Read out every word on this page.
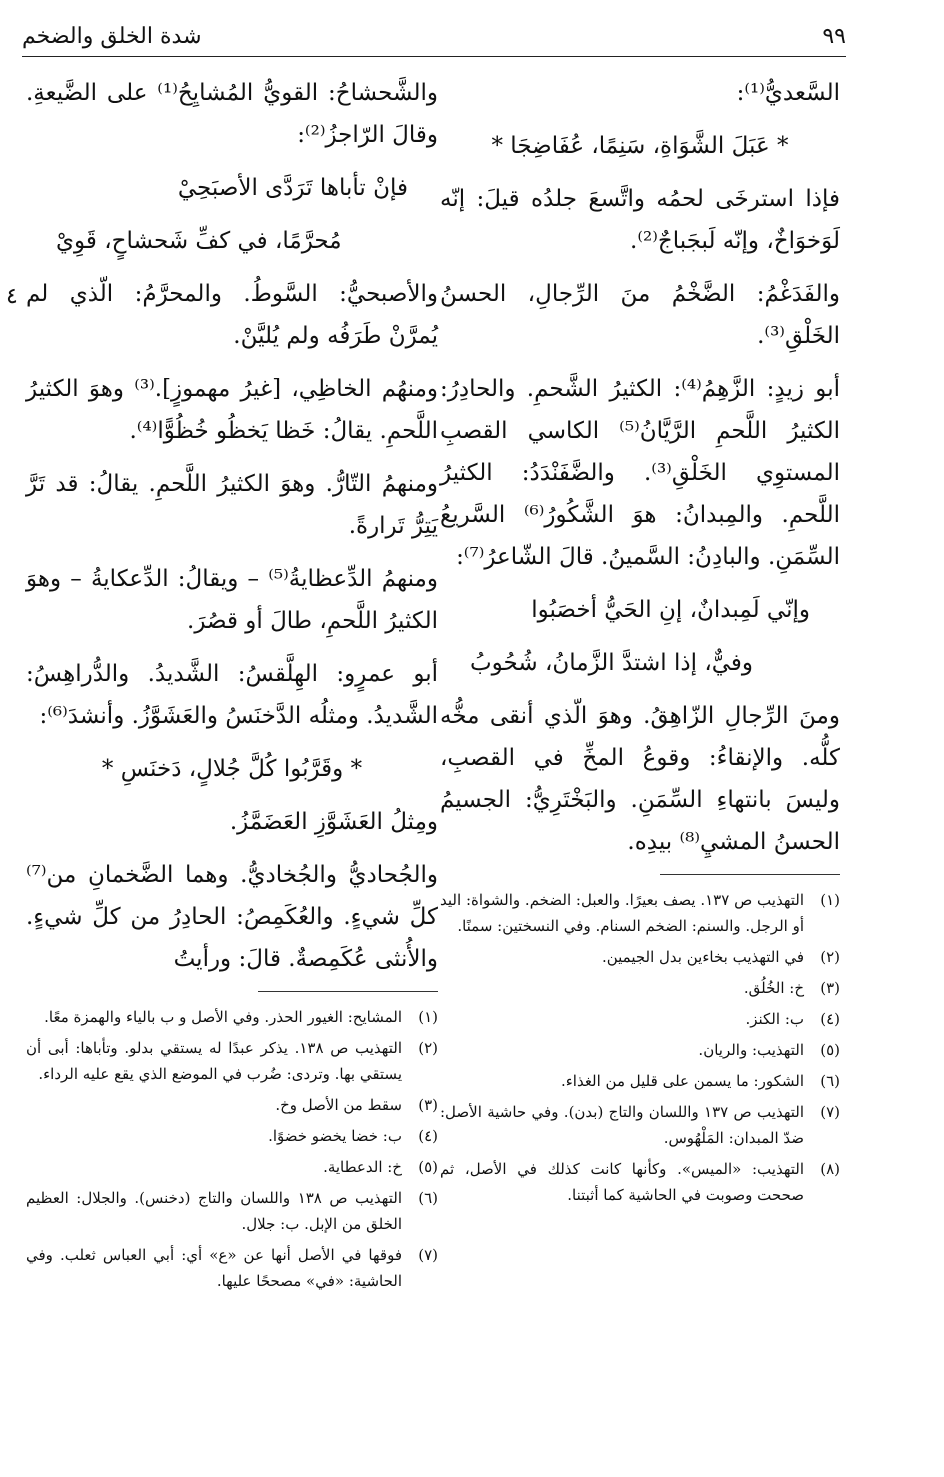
٩٩
شدة الخلق والضخم
٤

السَّعديُّ⁽¹⁾:

* عَبَلَ الشَّوَاةِ، سَنِمًا، عُفَاضِجَا *

فإذا استرخَى لحمُه واتَّسعَ جلدُه قيلَ: إنّه لَوَخوَاخٌ، وإنّه لَبجَباجٌ⁽²⁾.

والفَدَغْمُ: الضَّخْمُ منَ الرِّجالِ، الحسنُ الخَلْقِ⁽³⁾.

أبو زيدٍ: الزَّهِمُ⁽⁴⁾: الكثيرُ الشَّحمِ. والحادِرُ: الكثيرُ اللَّحمِ الرَّيَّانُ⁽⁵⁾ الكاسي القصبِ المستوِي الخَلْقِ⁽³⁾. والضَّفَنْدَدُ: الكثيرُ اللَّحمِ. والمِبدانُ: هوَ الشَّكُورُ⁽⁶⁾ السَّريعُ السِّمَنِ. والبادِنُ: السَّمينُ. قالَ الشّاعرُ⁽⁷⁾:

وإنّي لَمِبدانٌ، إنِ الحَيُّ أخصَبُوا

وفيٌّ، إذا اشتدَّ الزَّمانُ، شُحُوبُ

ومنَ الرِّجالِ الزّاهِقُ. وهوَ الّذي أنقى مخُّه كلُّه. والإنقاءُ: وقوعُ المخِّ في القصبِ، وليسَ بانتهاءِ السِّمَنِ. والبَخْتَرِيُّ: الجسيمُ الحسنُ المشيِ⁽⁸⁾ بيدِه.

(١)
التهذيب ص ١٣٧. يصف بعيرًا. والعبل: الضخم. والشواة: اليد أو الرجل. والسنم: الضخم السنام. وفي النسختين: سمنًا.
(٢)
في التهذيب بخاءين بدل الجيمين.
(٣)
خ: الخُلُق.
(٤)
ب: الكنز.
(٥)
التهذيب: والريان.
(٦)
الشكور: ما يسمن على قليل من الغذاء.
(٧)
التهذيب ص ١٣٧ واللسان والتاج (بدن). وفي حاشية الأصل: ضدّ المبدان: المَلْهُوس.
(٨)
التهذيب: «الميس». وكأنها كانت كذلك في الأصل، ثم صححت وصوبت في الحاشية كما أثبتنا.

والشَّحشاحُ: القويُّ المُشايِحُ⁽¹⁾ على الضَّيعةِ. وقالَ الرّاجزُ⁽²⁾:

فإنْ تأباها تَرَدَّى الأصبَحِيْ

مُحرَّمًا، في كفِّ شَحشاحٍ، قَوِيْ

والأصبحيُّ: السَّوطُ. والمحرَّمُ: الّذي لم يُمرَّنْ طَرَفُه ولم يُليَّنْ.

ومنهُم الخاظِي، [غيرُ مهموزٍ].⁽³⁾ وهوَ الكثيرُ اللَّحمِ. يقالُ: خَظا يَخظُو خُظُوًّا⁽⁴⁾.

ومنهمُ التّارُّ. وهوَ الكثيرُ اللَّحمِ. يقالُ: قد تَرَّ يَتِرُّ تَرارةً.

ومنهمُ الدِّعظايةُ⁽⁵⁾ – ويقالُ: الدِّعكايةُ – وهوَ الكثيرُ اللَّحمِ، طالَ أو قصُرَ.

أبو عمرٍو: الهِلَّقسُ: الشَّديدُ. والدُّراهِسُ: الشَّديدُ. ومثلُه الدَّخنَسُ والعَشَوَّزُ. وأنشدَ⁽⁶⁾:

* وقَرَّبُوا كُلَّ جُلالٍ، دَخنَسِ *

ومِثلُ العَشَوَّزِ العَضَمَّزُ.

والجُحاديُّ والجُخاديُّ. وهما الضَّخمانِ من⁽⁷⁾ كلِّ شيءٍ. والعُكَمِصُ: الحادِرُ من كلِّ شيءٍ. والأُنثى عُكَمِصةٌ. قالَ: ورأيتُ

(١)
المشايح: الغيور الحذر. وفي الأصل و ب بالياء والهمزة معًا.
(٢)
التهذيب ص ١٣٨. يذكر عبدًا له يستقي بدلو. وتأباها: أبى أن يستقي بها. وتردى: ضُرب في الموضع الذي يقع عليه الرداء.
(٣)
سقط من الأصل وخ.
(٤)
ب: خضا يخضو خضوًا.
(٥)
خ: الدعطاية.
(٦)
التهذيب ص ١٣٨ واللسان والتاج (دخنس). والجلال: العظيم الخلق من الإبل. ب: جلال.
(٧)
فوقها في الأصل أنها عن «ع» أي: أبي العباس ثعلب. وفي الحاشية: «في» مصححًا عليها.
